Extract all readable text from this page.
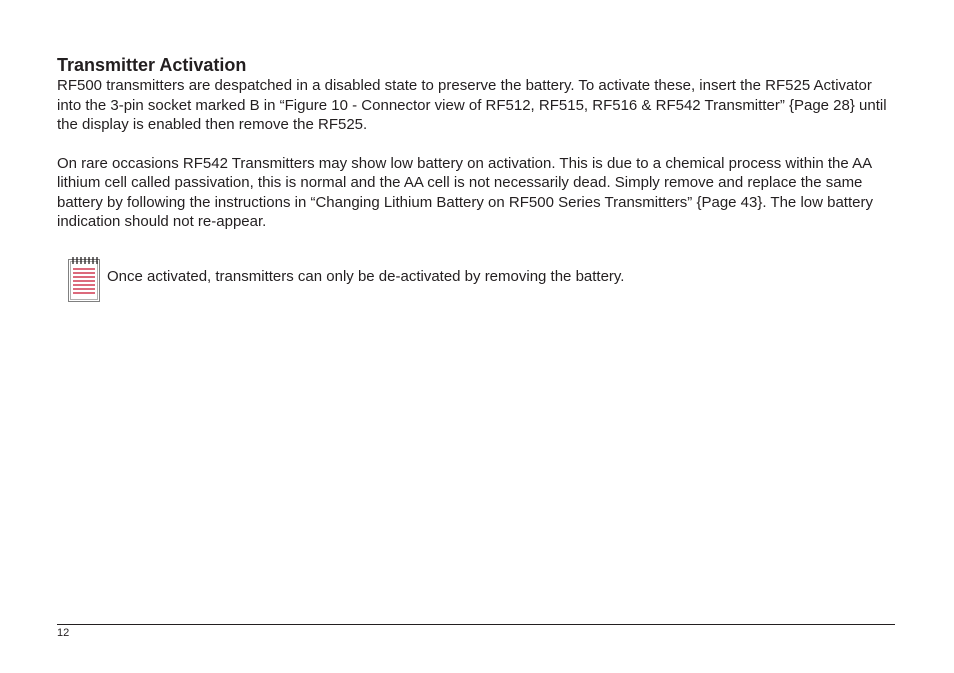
Transmitter Activation

RF500 transmitters are despatched in a disabled state to preserve the battery. To activate these, insert the RF525 Activator into the 3-pin socket marked B in “Figure 10 - Connector view of RF512, RF515, RF516 & RF542 Transmitter” {Page 28} until the display is enabled then remove the RF525.

On rare occasions RF542 Transmitters may show low battery on activation. This is due to a chemical process within the AA lithium cell called passivation, this is normal and the AA cell is not necessarily dead. Simply remove and replace the same battery by following the instructions in “Changing Lithium Battery on RF500 Series Transmitters” {Page 43}. The low battery indication should not re-appear.

Once activated, transmitters can only be de-activated by removing the battery.
12
